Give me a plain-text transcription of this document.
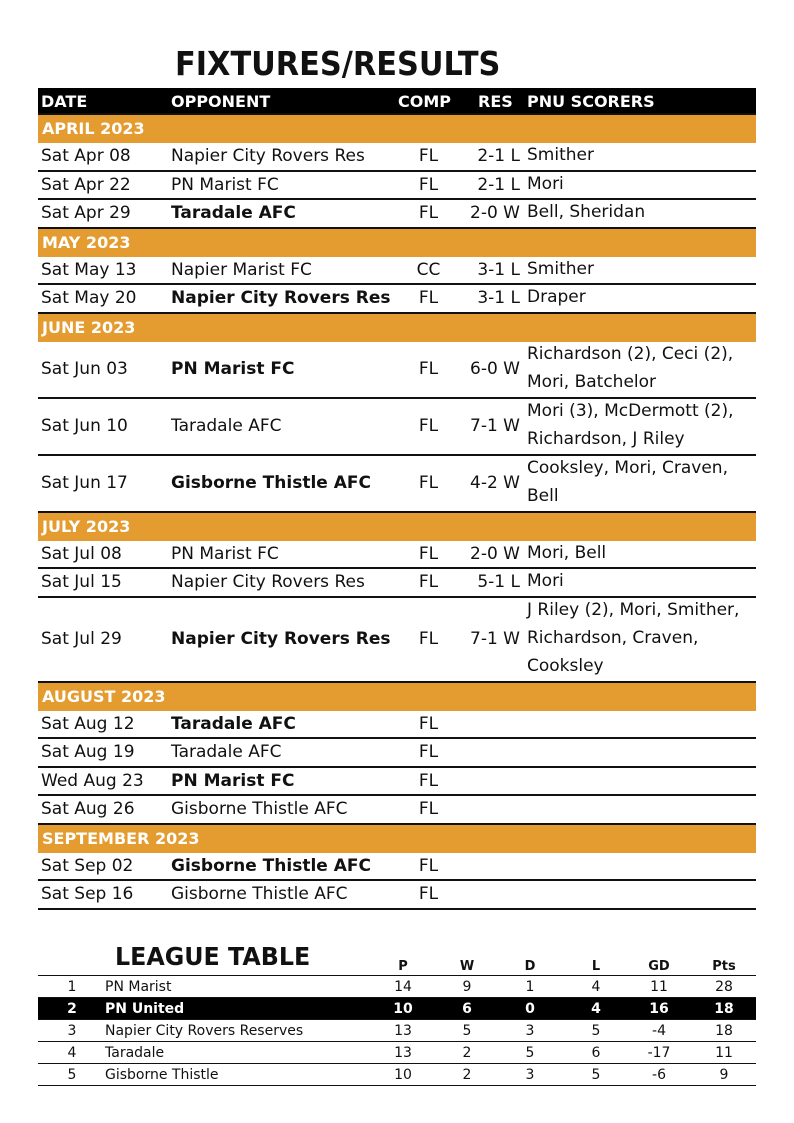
FIXTURES/RESULTS
DATE	OPPONENT	COMP RES PNU SCORERS
APRIL 2023
Sat Apr 08 Napier City Rovers Res	FL	2-1 L Smither
Sat Apr 22 PN Marist FC	FL	2-1 L Mori
Sat Apr 29 Taradale AFC	FL	2-0 W Bell, Sheridan
MAY 2023
Sat May 13 Napier Marist FC	CC	3-1 L Smither
Sat May 20 Napier City Rovers Res	FL	3-1 L Draper
JUNE 2023
Sat Jun 03	PN Marist FC	FL	6-0 W
Richardson (2), Ceci (2), Mori, Batchelor
Sat Jun 10	Taradale AFC	FL	7-1 W
Mori (3), McDermott (2), Richardson, J Riley
Sat Jun 17	Gisborne Thistle AFC	FL	4-2 W
Cooksley, Mori, Craven, Bell
JULY 2023
Sat Jul 08	PN Marist FC	FL	2-0 W Mori, Bell
Sat Jul 15	Napier City Rovers Res	FL	5-1 L Mori
Sat Jul 29	Napier City Rovers Res	FL	7-1 W
J Riley (2), Mori, Smither, Richardson, Craven, Cooksley
AUGUST 2023
Sat Aug 12 Taradale AFC	FL
Sat Aug 19 Taradale AFC	FL
Wed Aug 23 PN Marist FC	FL
Sat Aug 26 Gisborne Thistle AFC	FL
SEPTEMBER 2023
Sat Sep 02 Gisborne Thistle AFC	FL
Sat Sep 16 Gisborne Thistle AFC	FL
LEAGUE TABLE	P	W	D	L	GD	Pts
1	PN Marist	14	9	1	4	11	28
2	PN United	10	6	0	4	16	18
3	Napier City Rovers Reserves	13	5	3	5	-4	18
4	Taradale	13	2	5	6	-17	11
5	Gisborne Thistle	10	2	3	5	-6	9
